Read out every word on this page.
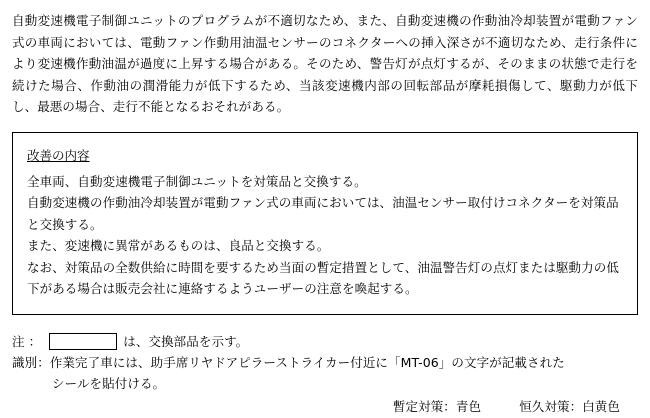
自動変速機電子制御ユニットのプログラムが不適切なため、また、自動変速機の作動油冷却装置が電動ファン式の車両においては、電動ファン作動用油温センサーのコネクターへの挿入深さが不適切なため、走行条件により変速機作動油温が過度に上昇する場合がある。そのため、警告灯が点灯するが、そのままの状態で走行を続けた場合、作動油の潤滑能力が低下するため、当該変速機内部の回転部品が摩耗損傷して、駆動力が低下し、最悪の場合、走行不能となるおそれがある。

改善の内容

全車両、自動変速機電子制御ユニットを対策品と交換する。

自動変速機の作動油冷却装置が電動ファン式の車両においては、油温センサー取付けコネクターを対策品と交換する。

また、変速機に異常があるものは、良品と交換する。

なお、対策品の全数供給に時間を要するため当面の暫定措置として、油温警告灯の点灯または駆動力の低下がある場合は販売会社に連絡するようユーザーの注意を喚起する。

注 ：	は、交換部品を示す。
識別： 作業完了車には、助手席リヤドアピラーストライカー付近に「MT-06」の文字が記載された
シールを貼付ける。
暫定対策：青色	恒久対策：白黄色
